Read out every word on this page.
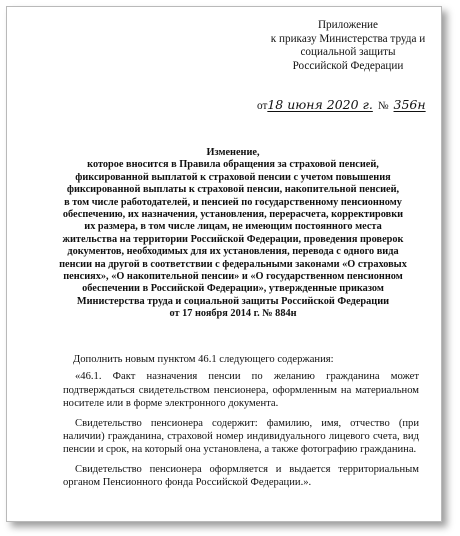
Приложение
к приказу Министерства труда и
социальной защиты
Российской Федерации
от18 июня 2020 г. № 356н
Изменение,
которое вносится в Правила обращения за страховой пенсией,
фиксированной выплатой к страховой пенсии с учетом повышения
фиксированной выплаты к страховой пенсии, накопительной пенсией,
в том числе работодателей, и пенсией по государственному пенсионному
обеспечению, их назначения, установления, перерасчета, корректировки
их размера, в том числе лицам, не имеющим постоянного места
жительства на территории Российской Федерации, проведения проверок
документов, необходимых для их установления, перевода с одного вида
пенсии на другой в соответствии с федеральными законами «О страховых
пенсиях», «О накопительной пенсии» и «О государственном пенсионном
обеспечении в Российской Федерации», утвержденные приказом
Министерства труда и социальной защиты Российской Федерации
от 17 ноября 2014 г. № 884н

Дополнить новым пунктом 46.1 следующего содержания:

«46.1. Факт назначения пенсии по желанию гражданина может подтверждаться свидетельством пенсионера, оформленным на материальном носителе или в форме электронного документа.

Свидетельство пенсионера содержит: фамилию, имя, отчество (при наличии) гражданина, страховой номер индивидуального лицевого счета, вид пенсии и срок, на который она установлена, а также фотографию гражданина.

Свидетельство пенсионера оформляется и выдается территориальным органом Пенсионного фонда Российской Федерации.».
